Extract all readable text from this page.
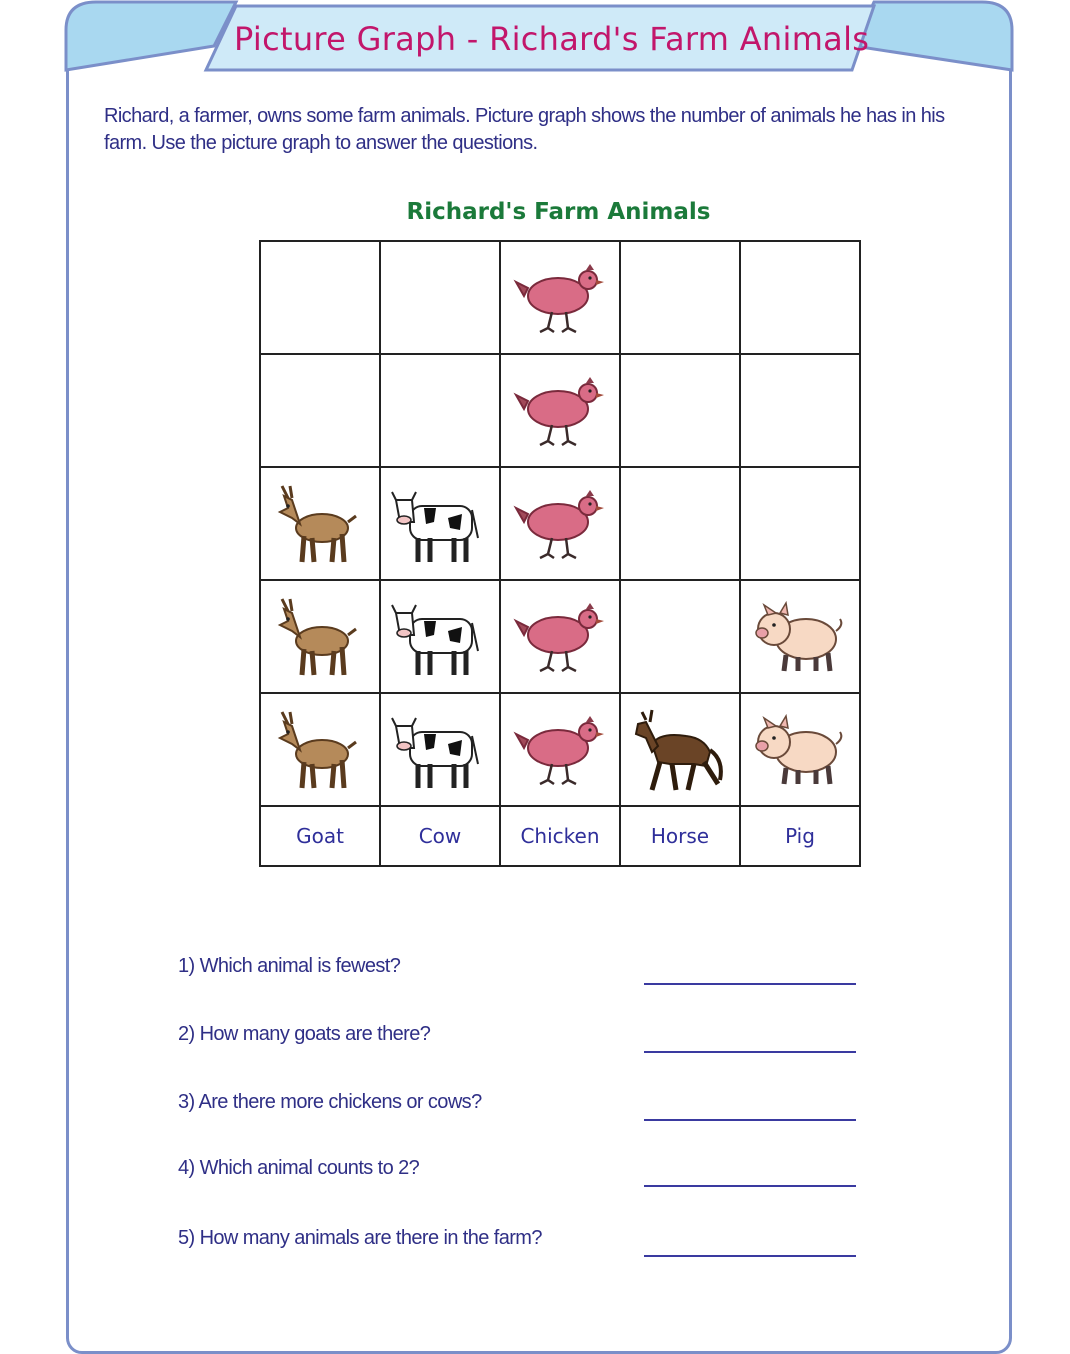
Picture Graph - Richard's Farm Animals
Richard, a farmer, owns some farm animals. Picture graph shows the number of animals he has in his farm. Use the picture graph to answer the questions.
Richard's Farm Animals

Goat	Cow	Chicken	Horse	Pig
1) Which animal is fewest?
2) How many goats are there?
3) Are there more chickens or cows?
4) Which animal counts to 2?
5) How many animals are there in the farm?
